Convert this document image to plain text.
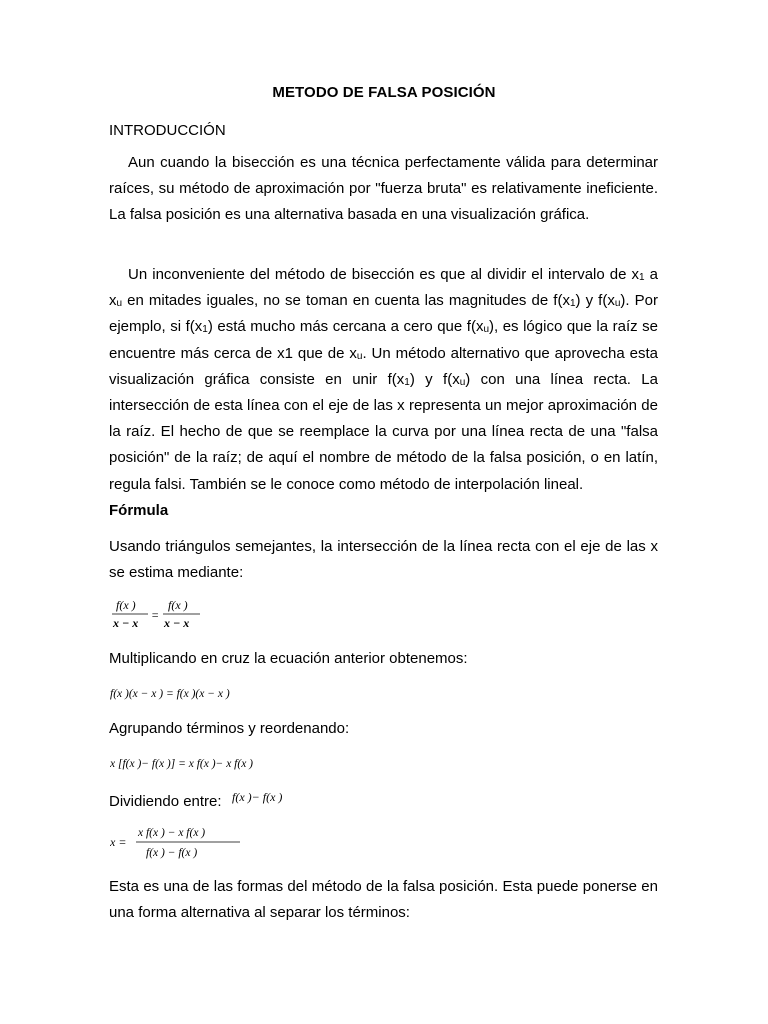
METODO DE FALSA POSICIÓN
INTRODUCCIÓN

Aun cuando la bisección es una técnica perfectamente válida para determinar raíces, su método de aproximación por "fuerza bruta" es relativamente ineficiente. La falsa posición es una alternativa basada en una visualización gráfica.

Un inconveniente del método de bisección es que al dividir el intervalo de $x_1$ a $x_u$ en mitades iguales, no se toman en cuenta las magnitudes de $f(x_1)$ y $f(x_u)$. Por ejemplo, si $f(x_1)$ está mucho más cercana a cero que $f(x_u)$, es lógico que la raíz se encuentre más cerca de x1 que de $x_u$. Un método alternativo que aprovecha esta visualización gráfica consiste en unir $f(x_1)$ y $f(x_u)$ con una línea recta. La intersección de esta línea con el eje de las x representa un mejor aproximación de la raíz. El hecho de que se reemplace la curva por una línea recta de una "falsa posición" de la raíz; de aquí el nombre de método de la falsa posición, o en latín, regula falsi. También se le conoce como método de interpolación lineal.

Fórmula

Usando triángulos semejantes, la intersección de la línea recta con el eje de las x se estima mediante:

f(x )
x − x
=
f(x )
x − x

Multiplicando en cruz la ecuación anterior obtenemos:

f(x )(x − x ) = f(x )(x − x )

Agrupando términos y reordenando:

x [f(x )− f(x )] = x f(x )− x f(x )

Dividiendo entre: f(x )− f(x )

x =
x f(x ) − x f(x )
f(x ) − f(x )

Esta es una de las formas del método de la falsa posición. Esta puede ponerse en una forma alternativa al separar los términos:
